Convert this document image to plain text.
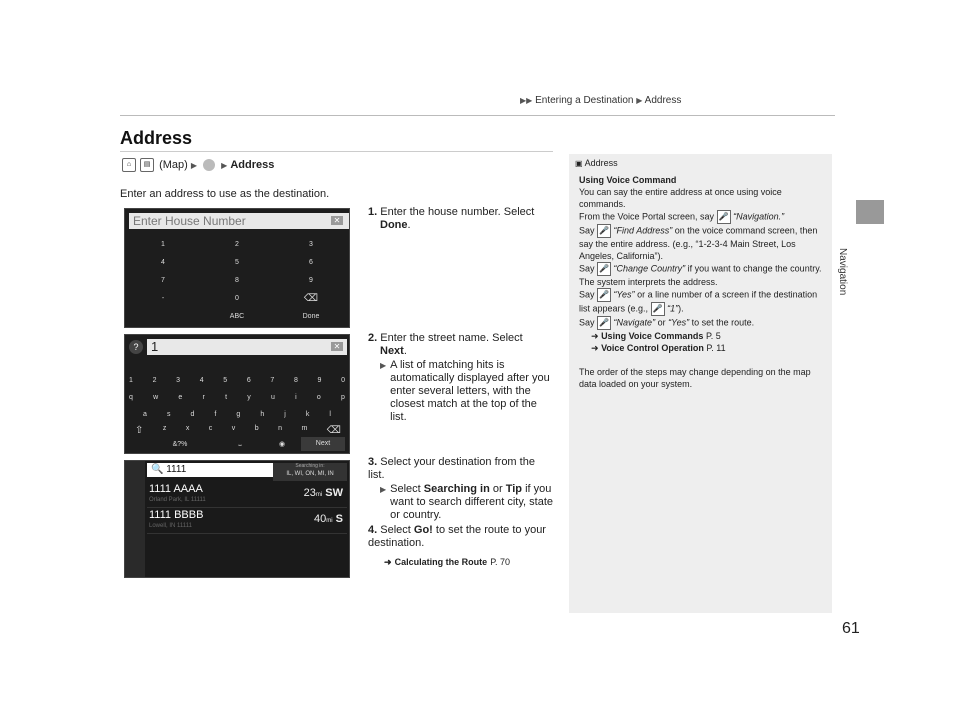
▶▶ Entering a Destination ▶ Address
Address
Navigation
61
⌂ ▤ (Map) ▶	▶ Address
Enter an address to use as the destination.
Enter House Number	✕
1	2	3
4	5	6
7	8	9
-	0	⌫
ABC	Done
? 1	✕
1	2	3	4	5	6	7	8	9	0
q	w	e	r	t	y	u	i	o	p
a	s	d	f	g	h	j	k	l
⇧	z	x	c	v	b	n	m ⌫
&?%	⎵	◉	Next
🔍 1111	Searching in:
IL, WI, ON, MI, IN
1111 AAAA
Orland Park, IL 11111
23mi SW
1111 BBBB
Lowell, IN 11111
40mi S
1. Enter the house number. Select
Done.
2. Enter the street name. Select
Next.
▶ A list of matching hits is automatically displayed after you enter several letters, with the closest match at the top of the list.
3. Select your destination from the list.
▶ Select Searching in or Tip if you want to search different city, state or country.
4. Select Go! to set the route to your destination.
➜ Calculating the Route P. 70
▣ Address

Using Voice Command

You can say the entire address at once using voice commands.

From the Voice Portal screen, say 🎤 “Navigation.”

Say 🎤 “Find Address” on the voice command screen, then say the entire address. (e.g., “1-2-3-4 Main Street, Los Angeles, California”).

Say 🎤 “Change Country” if you want to change the country.

The system interprets the address.

Say 🎤 “Yes” or a line number of a screen if the destination list appears (e.g., 🎤 “1”).

Say 🎤 “Navigate” or “Yes” to set the route.

➜ Using Voice Commands P. 5

➜ Voice Control Operation P. 11

The order of the steps may change depending on the map data loaded on your system.
